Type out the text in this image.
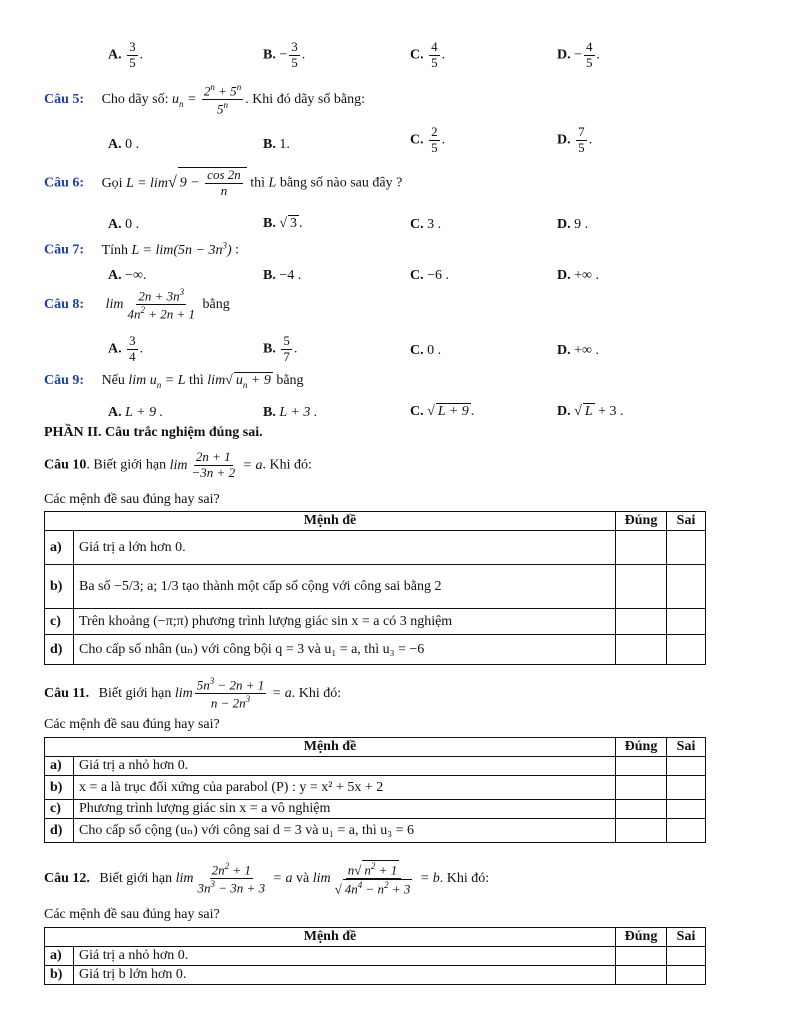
A. $\frac{3}{5}$ .	B. − $\frac{3}{5}$ .	C. $\frac{4}{5}$ .	D. − $\frac{4}{5}$ .
Câu 5: Cho dãy số: $u_n = \frac{2^n + 5^n}{5^n}$ . Khi đó dãy số bằng:
A. 0 .	B. 1.	C. $\frac{2}{5}$ .	D. $\frac{7}{5}$ .
Câu 6: Gọi L = lim√ $9 - \frac{\cos 2n}{n}$ thì L bằng số nào sau đây ?
A. 0 .	B. √ 3 .	C. 3 .	D. 9 .
Câu 7: Tính $L = \lim(5n - 3n^3)$ :
A. −∞.	B. −4 .	C. −6 .	D. +∞ .
Câu 8: $\lim \frac{2n + 3n^3}{4n^2 + 2n + 1}$ bằng
A. $\frac{3}{4}$ .	B. $\frac{5}{7}$ .	C. 0 .	D. +∞ .
Câu 9: Nếu $\lim u_n = L$ thì lim√ $u_n + 9$ bằng
A. L + 9 .	B. L + 3 .	C. √ L + 9 .	D. √ L + 3 .
PHẦN II. Câu trắc nghiệm đúng sai.
Câu 10. Biết giới hạn $\lim \frac{2n + 1}{-3n + 2} = a$. Khi đó:
Các mệnh đề sau đúng hay sai?
Mệnh đề		Đúng	Sai
a)	Giá trị a lớn hơn 0.		
b)	Ba số −5/3; a; 1/3 tạo thành một cấp số cộng với công sai bằng 2		
c)	Trên khoảng (−π;π) phương trình lượng giác sin x = a có 3 nghiệm		
d)	Cho cấp số nhân (uₙ) với công bội q = 3 và u₁ = a, thì u₃ = −6		
Câu 11. Biết giới hạn $\lim \frac{5n^3 - 2n + 1}{n - 2n^3} = a$. Khi đó:
Các mệnh đề sau đúng hay sai?
Mệnh đề		Đúng	Sai
a)	Giá trị a nhỏ hơn 0.		
b)	x = a là trục đối xứng của parabol (P) : y = x² + 5x + 2		
c)	Phương trình lượng giác sin x = a vô nghiệm		
d)	Cho cấp số cộng (uₙ) với công sai d = 3 và u₁ = a, thì u₃ = 6		
Câu 12. Biết giới hạn $\lim \frac{2n^2 + 1}{3n^3 - 3n + 3} = a$ và $\lim \frac{n√ n^2 + 1}{√ 4n^4 - n^2 + 3} = b$. Khi đó:
Các mệnh đề sau đúng hay sai?
Mệnh đề		Đúng	Sai
a)	Giá trị a nhỏ hơn 0.		
b)	Giá trị b lớn hơn 0.		
